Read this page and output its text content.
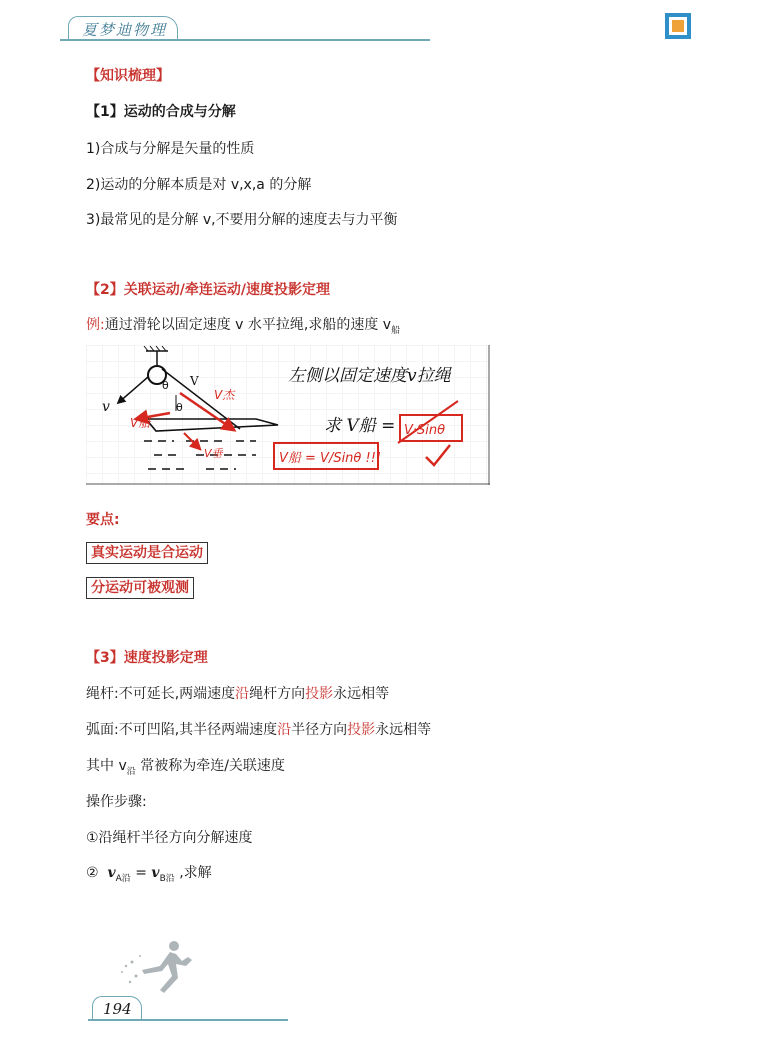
夏梦迪物理
【知识梳理】
【1】运动的合成与分解
1)合成与分解是矢量的性质
2)运动的分解本质是对 v,x,a 的分解
3)最常见的是分解 v,不要用分解的速度去与力平衡
【2】关联运动/牵连运动/速度投影定理
例:通过滑轮以固定速度 v 水平拉绳,求船的速度 $v_船$
v
V
θ
θ
V杰
V船
V垂
左侧以固定速度v拉绳
求 V船 = V·Sinθ
V船 = V/Sinθ !!!
要点:
真实运动是合运动
分运动可被观测
【3】速度投影定理
绳杆:不可延长,两端速度沿绳杆方向投影永远相等
弧面:不可凹陷,其半径两端速度沿半径方向投影永远相等
其中 $v_沿$ 常被称为牵连/关联速度
操作步骤:
①沿绳杆半径方向分解速度
② $v_{A沿} = v_{B沿}$ ,求解
194
